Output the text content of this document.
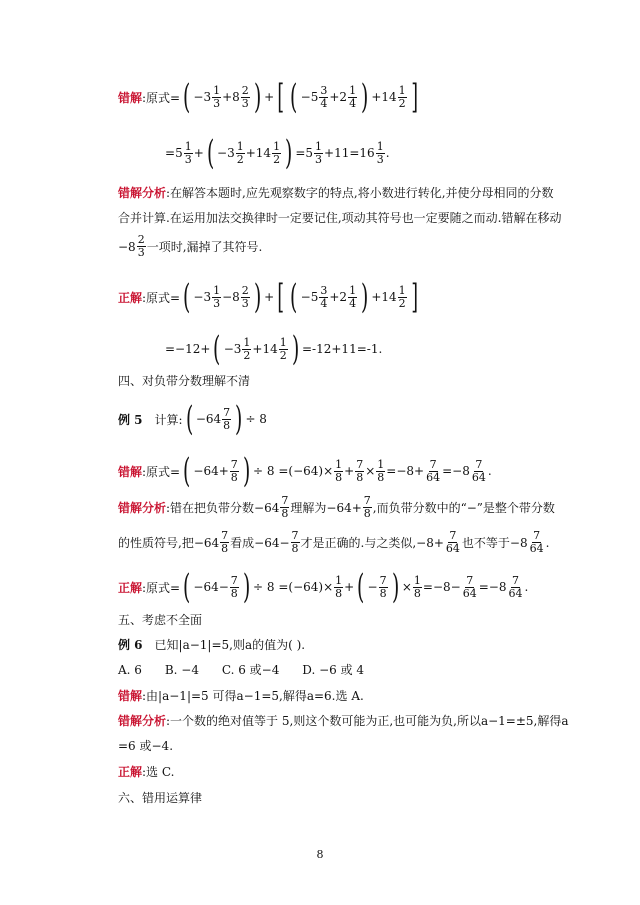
错解 :原式= ( $-3 \frac{1}{3} +8 \frac{2}{3}$ ) + [ ( $-5 \frac{3}{4} +2 \frac{1}{4}$ ) $+14 \frac{1}{2}$ ]
= $5 \frac{1}{3}$ + ( $-3 \frac{1}{2} +14 \frac{1}{2}$ ) $=5 \frac{1}{3} +11 =16 \frac{1}{3}$ .
错解分析 :在解答本题时,应先观察数字的特点,将小数进行转化,并使分母相同的分数
合并计算.在运用加法交换律时一定要记住,项动其符号也一定要随之而动.错解在移动
$-8 \frac{2}{3}$ 一项时,漏掉了其符号.
正解 :原式= ( $-3 \frac{1}{3} -8 \frac{2}{3}$ ) + [ ( $-5 \frac{3}{4} +2 \frac{1}{4}$ ) $+14 \frac{1}{2}$ ]
=−12+ ( $-3 \frac{1}{2} +14 \frac{1}{2}$ ) =-12+11=-1.
四、对负带分数理解不清
例 5 计算: ( $-64 \frac{7}{8}$ ) ÷ 8
错解 :原式= ( $-64+ \frac{7}{8}$ ) ÷ $8 =(-64)\times \frac{1}{8} + \frac{7}{8} \times \frac{1}{8} =-8+ \frac{7}{64} =-8 \frac{7}{64}$ .
错解分析 :错在把负带分数$-64 \frac{7}{8}$ 理解为$-64+ \frac{7}{8}$ ,而负带分数中的“−”是整个带分数
的性质符号,把$-64 \frac{7}{8}$ 看成$-64- \frac{7}{8}$ 才是正确的.与之类似$,-8+ \frac{7}{64}$ 也不等于$-8 \frac{7}{64}$ .
正解 :原式= ( $-64- \frac{7}{8}$ ) ÷ $8 =(-64)\times \frac{1}{8}$ + ( − $\frac{7}{8}$ ) × $\frac{1}{8} =-8- \frac{7}{64} =-8 \frac{7}{64}$ .
五、考虑不全面
例 6 已知|a−1|=5,则a的值为( ).
A. 6      B. −4      C. 6 或−4      D. −6 或 4
错解 :由|a−1|=5 可得a−1=5,解得a=6.选 A.
错解分析 :一个数的绝对值等于 5,则这个数可能为正,也可能为负,所以a−1=±5,解得a
=6 或−4.
正解 :选 C.
六、错用运算律
8
